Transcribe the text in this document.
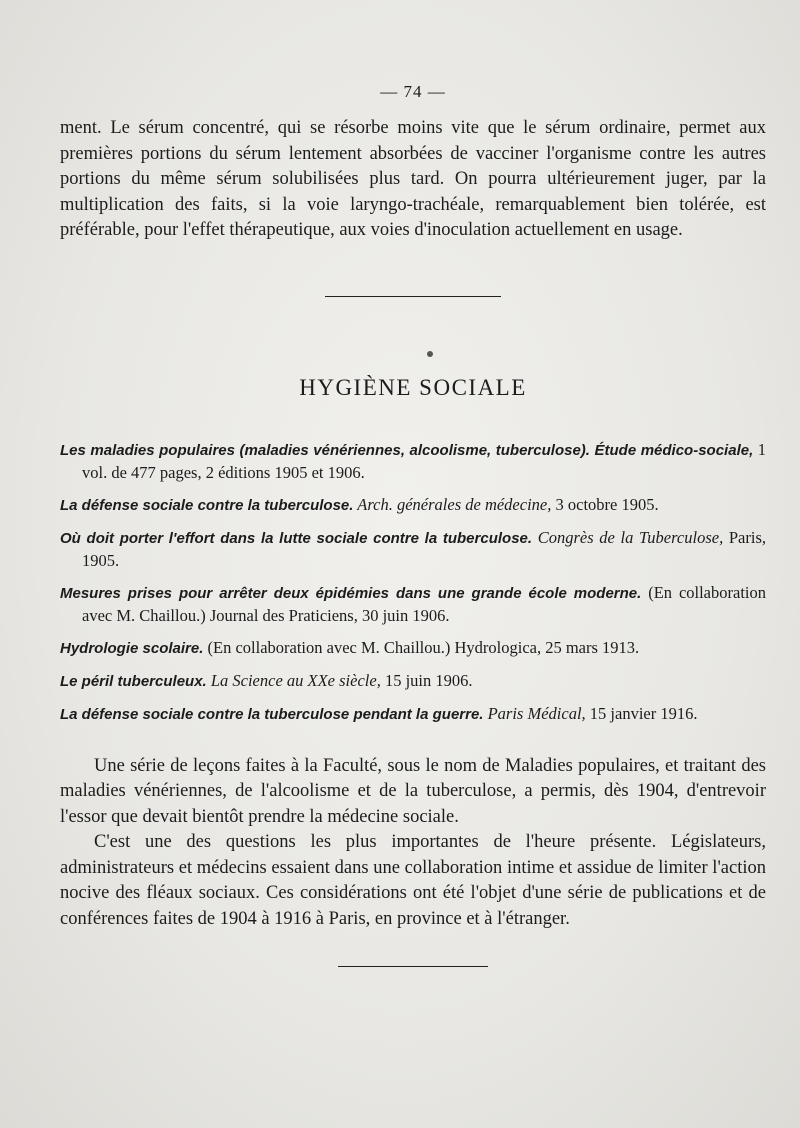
— 74 —

ment. Le sérum concentré, qui se résorbe moins vite que le sérum ordinaire, permet aux premières portions du sérum lentement absorbées de vacciner l'organisme contre les autres portions du même sérum solubilisées plus tard. On pourra ultérieurement juger, par la multiplication des faits, si la voie laryngo-trachéale, remarquablement bien tolérée, est préférable, pour l'effet thérapeutique, aux voies d'inoculation actuellement en usage.

HYGIÈNE SOCIALE

Les maladies populaires (maladies vénériennes, alcoolisme, tuberculose). Étude médico-sociale, 1 vol. de 477 pages, 2 éditions 1905 et 1906.

La défense sociale contre la tuberculose. Arch. générales de médecine, 3 octobre 1905.

Où doit porter l'effort dans la lutte sociale contre la tuberculose. Congrès de la Tuberculose, Paris, 1905.

Mesures prises pour arrêter deux épidémies dans une grande école moderne. (En collaboration avec M. Chaillou.) Journal des Praticiens, 30 juin 1906.

Hydrologie scolaire. (En collaboration avec M. Chaillou.) Hydrologica, 25 mars 1913.

Le péril tuberculeux. La Science au XXe siècle, 15 juin 1906.

La défense sociale contre la tuberculose pendant la guerre. Paris Médical, 15 janvier 1916.

Une série de leçons faites à la Faculté, sous le nom de Maladies populaires, et traitant des maladies vénériennes, de l'alcoolisme et de la tuberculose, a permis, dès 1904, d'entrevoir l'essor que devait bientôt prendre la médecine sociale.

C'est une des questions les plus importantes de l'heure présente. Législateurs, administrateurs et médecins essaient dans une collaboration intime et assidue de limiter l'action nocive des fléaux sociaux. Ces considérations ont été l'objet d'une série de publications et de conférences faites de 1904 à 1916 à Paris, en province et à l'étranger.
